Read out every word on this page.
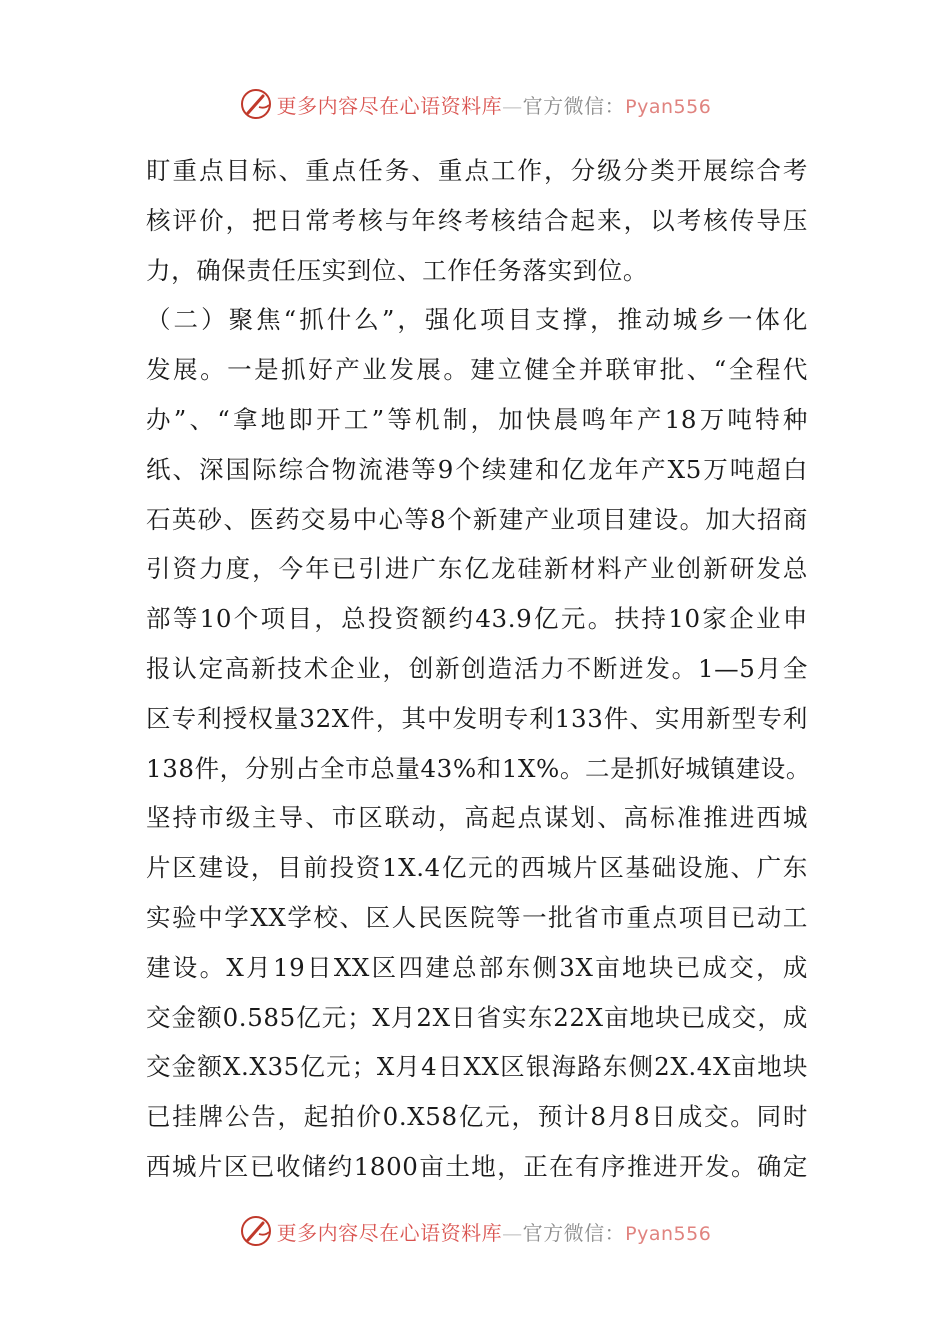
更多内容尽在心语资料库—官方微信：Pyan556
盯重点目标、重点任务、重点工作，分级分类开展综合考
核评价，把日常考核与年终考核结合起来，以考核传导压
力，确保责任压实到位、工作任务落实到位。
（二）聚焦“抓什么”，强化项目支撑，推动城乡一体化
发展。一是抓好产业发展。建立健全并联审批、“全程代
办”、“拿地即开工”等机制，加快晨鸣年产18万吨特种
纸、深国际综合物流港等9个续建和亿龙年产X5万吨超白
石英砂、医药交易中心等8个新建产业项目建设。加大招商
引资力度，今年已引进广东亿龙硅新材料产业创新研发总
部等10个项目，总投资额约43.9亿元。扶持10家企业申
报认定高新技术企业，创新创造活力不断迸发。1—5月全
区专利授权量32X件，其中发明专利133件、实用新型专利
138件，分别占全市总量43%和1X%。二是抓好城镇建设。
坚持市级主导、市区联动，高起点谋划、高标准推进西城
片区建设，目前投资1X.4亿元的西城片区基础设施、广东
实验中学XX学校、区人民医院等一批省市重点项目已动工
建设。X月19日XX区四建总部东侧3X亩地块已成交，成
交金额0.585亿元；X月2X日省实东22X亩地块已成交，成
交金额X.X35亿元；X月4日XX区银海路东侧2X.4X亩地块
已挂牌公告，起拍价0.X58亿元，预计8月8日成交。同时
西城片区已收储约1800亩土地，正在有序推进开发。确定
更多内容尽在心语资料库—官方微信：Pyan556
